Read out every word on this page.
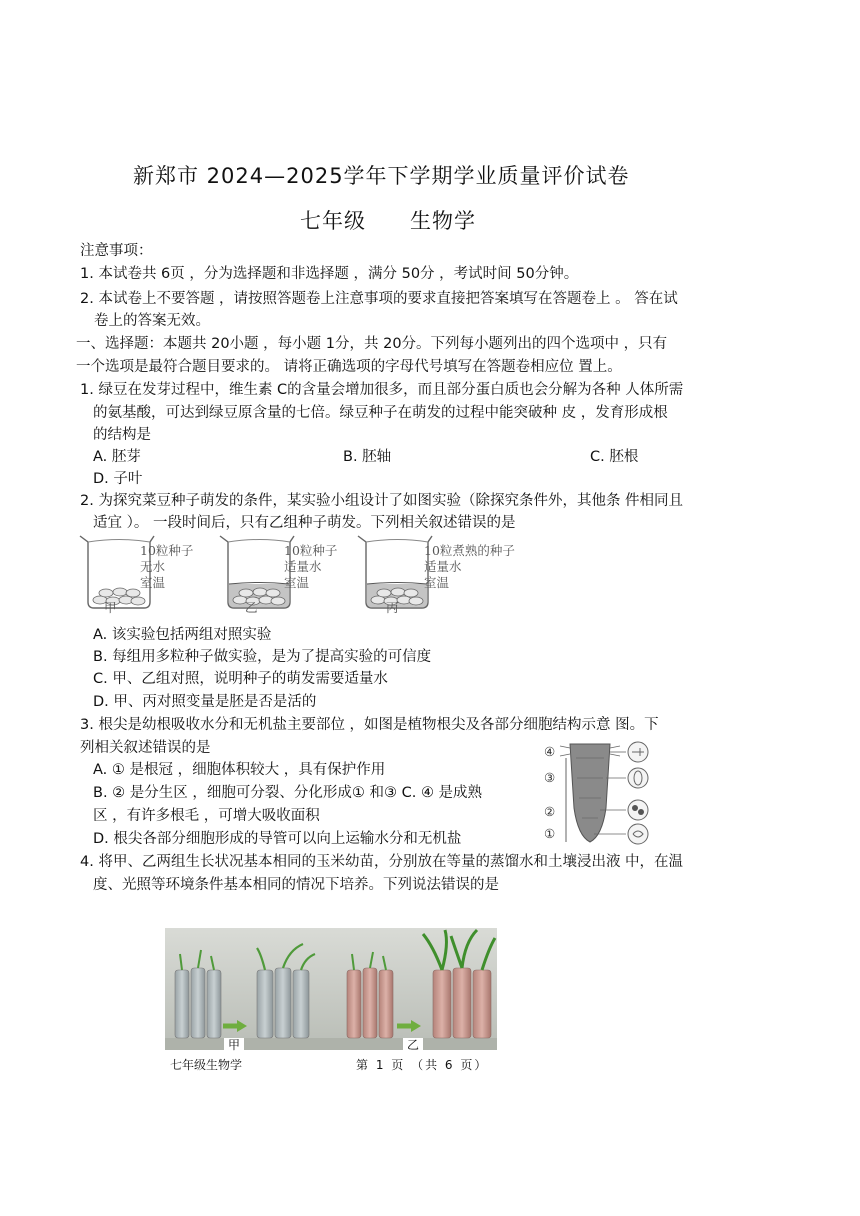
新郑市 2024—2025学年下学期学业质量评价试卷
七年级 生物学
注意事项：
1. 本试卷共 6页 ，分为选择题和非选择题 ，满分 50分 ，考试时间 50分钟。
2. 本试卷上不要答题 ，请按照答题卷上注意事项的要求直接把答案填写在答题卷上 。 答在试
卷上的答案无效。
一、选择题：本题共 20小题 ，每小题 1分，共 20分。下列每小题列出的四个选项中 ，只有
一个选项是最符合题目要求的。 请将正确选项的字母代号填写在答题卷相应位 置上。
1. 绿豆在发芽过程中，维生素 C的含量会增加很多，而且部分蛋白质也会分解为各种 人体所需
的氨基酸，可达到绿豆原含量的七倍。绿豆种子在萌发的过程中能突破种 皮 ，发育形成根
的结构是
A. 胚芽	B. 胚轴	C. 胚根
D. 子叶
2. 为探究菜豆种子萌发的条件，某实验小组设计了如图实验（除探究条件外，其他条 件相同且
适宜 ）。 一段时间后，只有乙组种子萌发。下列相关叙述错误的是
10粒种子
无水
室温
甲
10粒种子
适量水
室温
乙
10粒煮熟的种子
适量水
室温
丙
A. 该实验包括两组对照实验
B. 每组用多粒种子做实验，是为了提高实验的可信度
C. 甲、乙组对照，说明种子的萌发需要适量水
D. 甲、丙对照变量是胚是否是活的
3. 根尖是幼根吸收水分和无机盐主要部位 ，如图是植物根尖及各部分细胞结构示意 图。下
列相关叙述错误的是
A. ① 是根冠 ，细胞体积较大 ，具有保护作用
B. ② 是分生区 ，细胞可分裂、分化形成① 和③ C. ④ 是成熟
区 ，有许多根毛 ，可增大吸收面积
D. 根尖各部分细胞形成的导管可以向上运输水分和无机盐
④
③
②
①
4. 将甲、乙两组生长状况基本相同的玉米幼苗，分别放在等量的蒸馏水和土壤浸出液 中，在温
度、光照等环境条件基本相同的情况下培养。下列说法错误的是
甲	乙
七年级生物学	第 1 页 （共 6 页）
